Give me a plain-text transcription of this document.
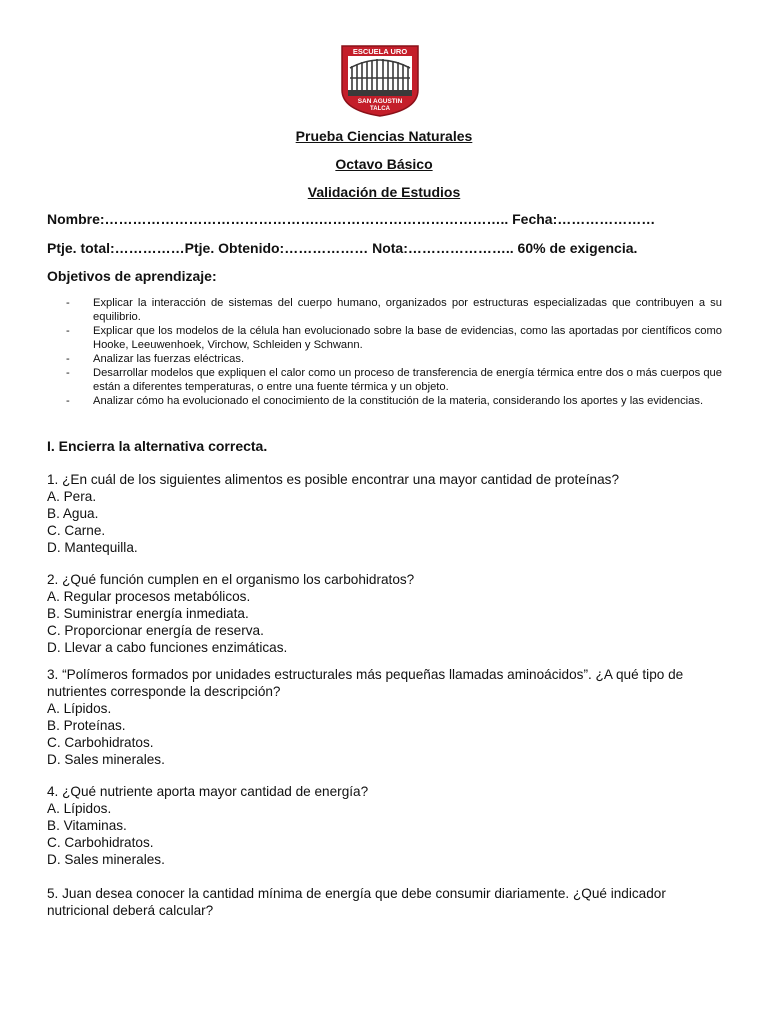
ESCUELA URO
SAN AGUSTIN
TALCA
Prueba Ciencias Naturales
Octavo Básico
Validación de Estudios
Nombre:……………………………………….………………………………….. Fecha:…………………
Ptje. total:……………Ptje. Obtenido:……………… Nota:………………….. 60% de exigencia.
Objetivos de aprendizaje:
- Explicar la interacción de sistemas del cuerpo humano, organizados por estructuras especializadas que contribuyen a su equilibrio.
- Explicar que los modelos de la célula han evolucionado sobre la base de evidencias, como las aportadas por científicos como Hooke, Leeuwenhoek, Virchow, Schleiden y Schwann.
- Analizar las fuerzas eléctricas.
- Desarrollar modelos que expliquen el calor como un proceso de transferencia de energía térmica entre dos o más cuerpos que están a diferentes temperaturas, o entre una fuente térmica y un objeto.
- Analizar cómo ha evolucionado el conocimiento de la constitución de la materia, considerando los aportes y las evidencias.
I. Encierra la alternativa correcta.
1. ¿En cuál de los siguientes alimentos es posible encontrar una mayor cantidad de proteínas?
A. Pera.
B. Agua.
C. Carne.
D. Mantequilla.
2. ¿Qué función cumplen en el organismo los carbohidratos?
A. Regular procesos metabólicos.
B. Suministrar energía inmediata.
C. Proporcionar energía de reserva.
D. Llevar a cabo funciones enzimáticas.
3. “Polímeros formados por unidades estructurales más pequeñas llamadas aminoácidos”. ¿A qué tipo de nutrientes corresponde la descripción?
A. Lípidos.
B. Proteínas.
C. Carbohidratos.
D. Sales minerales.
4. ¿Qué nutriente aporta mayor cantidad de energía?
A. Lípidos.
B. Vitaminas.
C. Carbohidratos.
D. Sales minerales.
5. Juan desea conocer la cantidad mínima de energía que debe consumir diariamente. ¿Qué indicador nutricional deberá calcular?
